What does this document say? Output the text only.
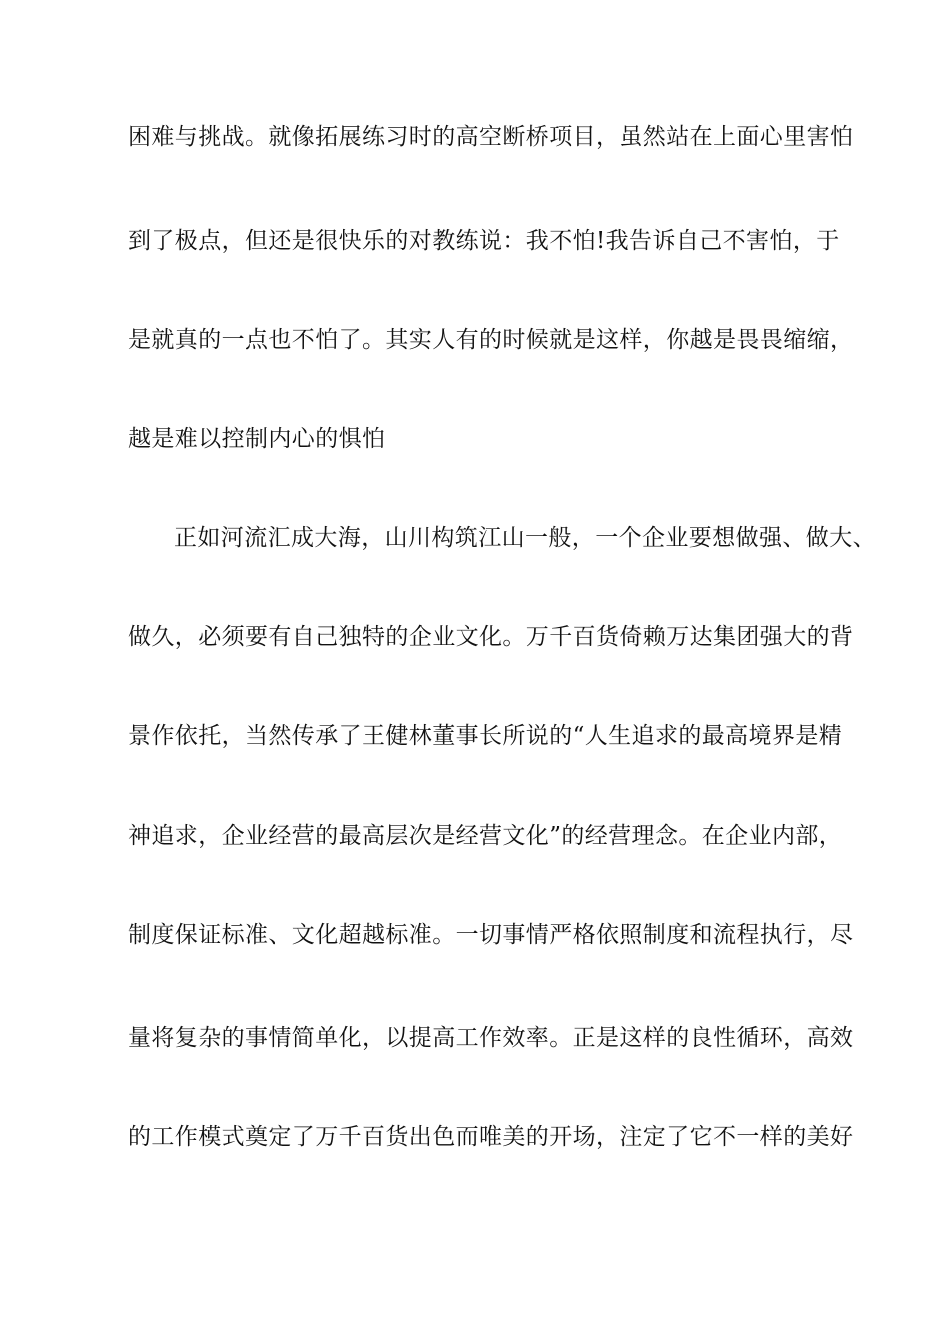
困难与挑战。就像拓展练习时的高空断桥项目，虽然站在上面心里害怕
到了极点，但还是很快乐的对教练说：我不怕!我告诉自己不害怕，于
是就真的一点也不怕了。其实人有的时候就是这样，你越是畏畏缩缩，
越是难以控制内心的惧怕
正如河流汇成大海，山川构筑江山一般，一个企业要想做强、做大、
做久，必须要有自己独特的企业文化。万千百货倚赖万达集团强大的背
景作依托，当然传承了王健林董事长所说的“人生追求的最高境界是精
神追求，企业经营的最高层次是经营文化”的经营理念。在企业内部，
制度保证标准、文化超越标准。一切事情严格依照制度和流程执行，尽
量将复杂的事情简单化，以提高工作效率。正是这样的良性循环，高效
的工作模式奠定了万千百货出色而唯美的开场，注定了它不一样的美好
